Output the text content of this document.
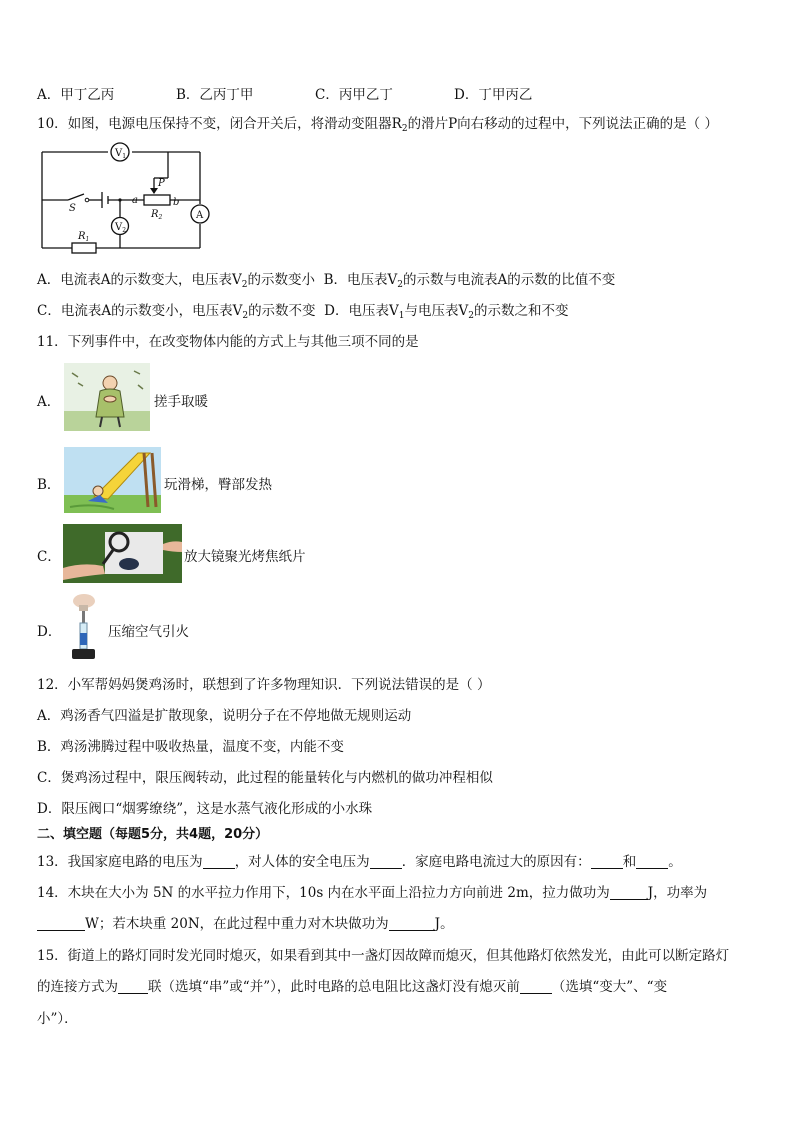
A．甲丁乙丙	B．乙丙丁甲	C．丙甲乙丁	D．丁甲丙乙
10．如图，电源电压保持不变，闭合开关后，将滑动变阻器$R_2$的滑片P向右移动的过程中，下列说法正确的是（ ）
$V_1$
$V_2$
A
S
P
a	b
$R_2$
$R_1$
A．电流表A的示数变大，电压表$V_2$的示数变小 B．电压表$V_2$的示数与电流表A的示数的比值不变
C．电流表A的示数变小，电压表$V_2$的示数不变 D．电压表$V_1$与电压表$V_2$的示数之和不变
11．下列事件中，在改变物体内能的方式上与其他三项不同的是
A．	搓手取暖
B．	玩滑梯，臀部发热
C．	放大镜聚光烤焦纸片
D．	压缩空气引火
12．小军帮妈妈煲鸡汤时，联想到了许多物理知识．下列说法错误的是（ ）
A．鸡汤香气四溢是扩散现象，说明分子在不停地做无规则运动
B．鸡汤沸腾过程中吸收热量，温度不变，内能不变
C．煲鸡汤过程中，限压阀转动，此过程的能量转化与内燃机的做功冲程相似
D．限压阀口“烟雾缭绕”，这是水蒸气液化形成的小水珠
二、填空题（每题5分，共4题，20分）
13．我国家庭电路的电压为 ，对人体的安全电压为 ．家庭电路电流过大的原因有： 和 。
14．木块在大小为 5N 的水平拉力作用下，10s 内在水平面上沿拉力方向前进 2m，拉力做功为	J，功率为
W；若木块重 20N，在此过程中重力对木块做功为	J。
15．街道上的路灯同时发光同时熄灭，如果看到其中一盏灯因故障而熄灭，但其他路灯依然发光，由此可以断定路灯
的连接方式为 联（选填“串”或“并”），此时电路的总电阻比这盏灯没有熄灭前 （选填“变大”、“变
小”）．
